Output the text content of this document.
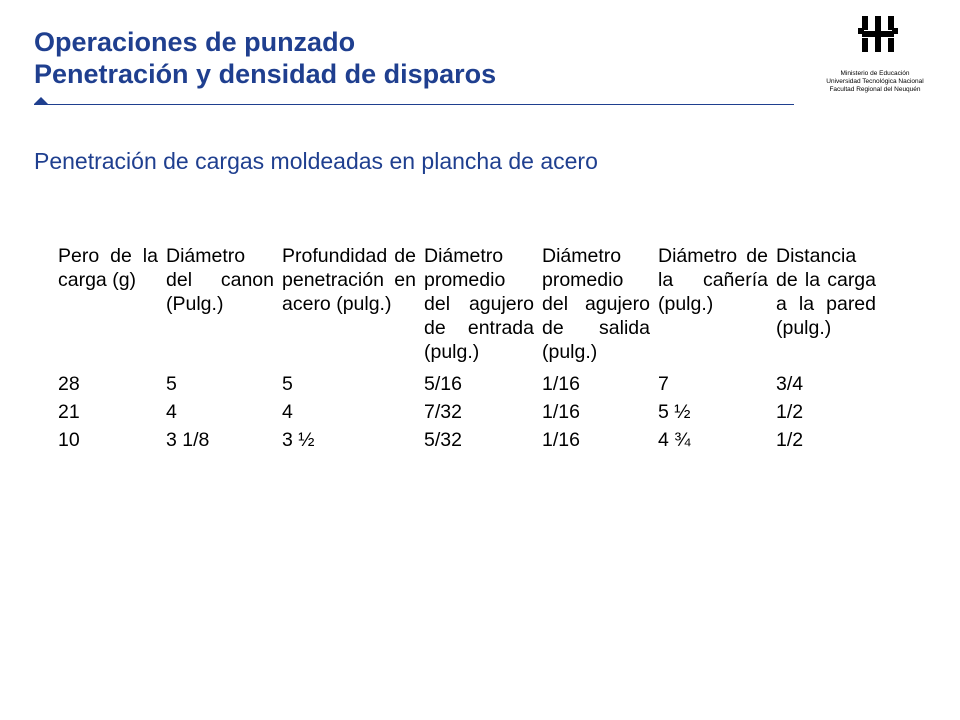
Operaciones de punzado
Penetración y densidad de disparos	Ministerio de Educación
Universidad Tecnológica Nacional
Facultad Regional del Neuquén
Penetración de cargas moldeadas en plancha de acero
Pero de la carga (g)	Diámetro del canon (Pulg.)	Profundidad de penetración en acero (pulg.)	Diámetro promedio del agujero de entrada (pulg.)	Diámetro promedio del agujero de salida (pulg.)	Diámetro de la cañería (pulg.)	Distancia de la carga a la pared (pulg.)

28	5	5	5/16	1/16	7	3/4
21	4	4	7/32	1/16	5 ½	1/2
10	3 1/8	3 ½	5/32	1/16	4 ¾	1/2
